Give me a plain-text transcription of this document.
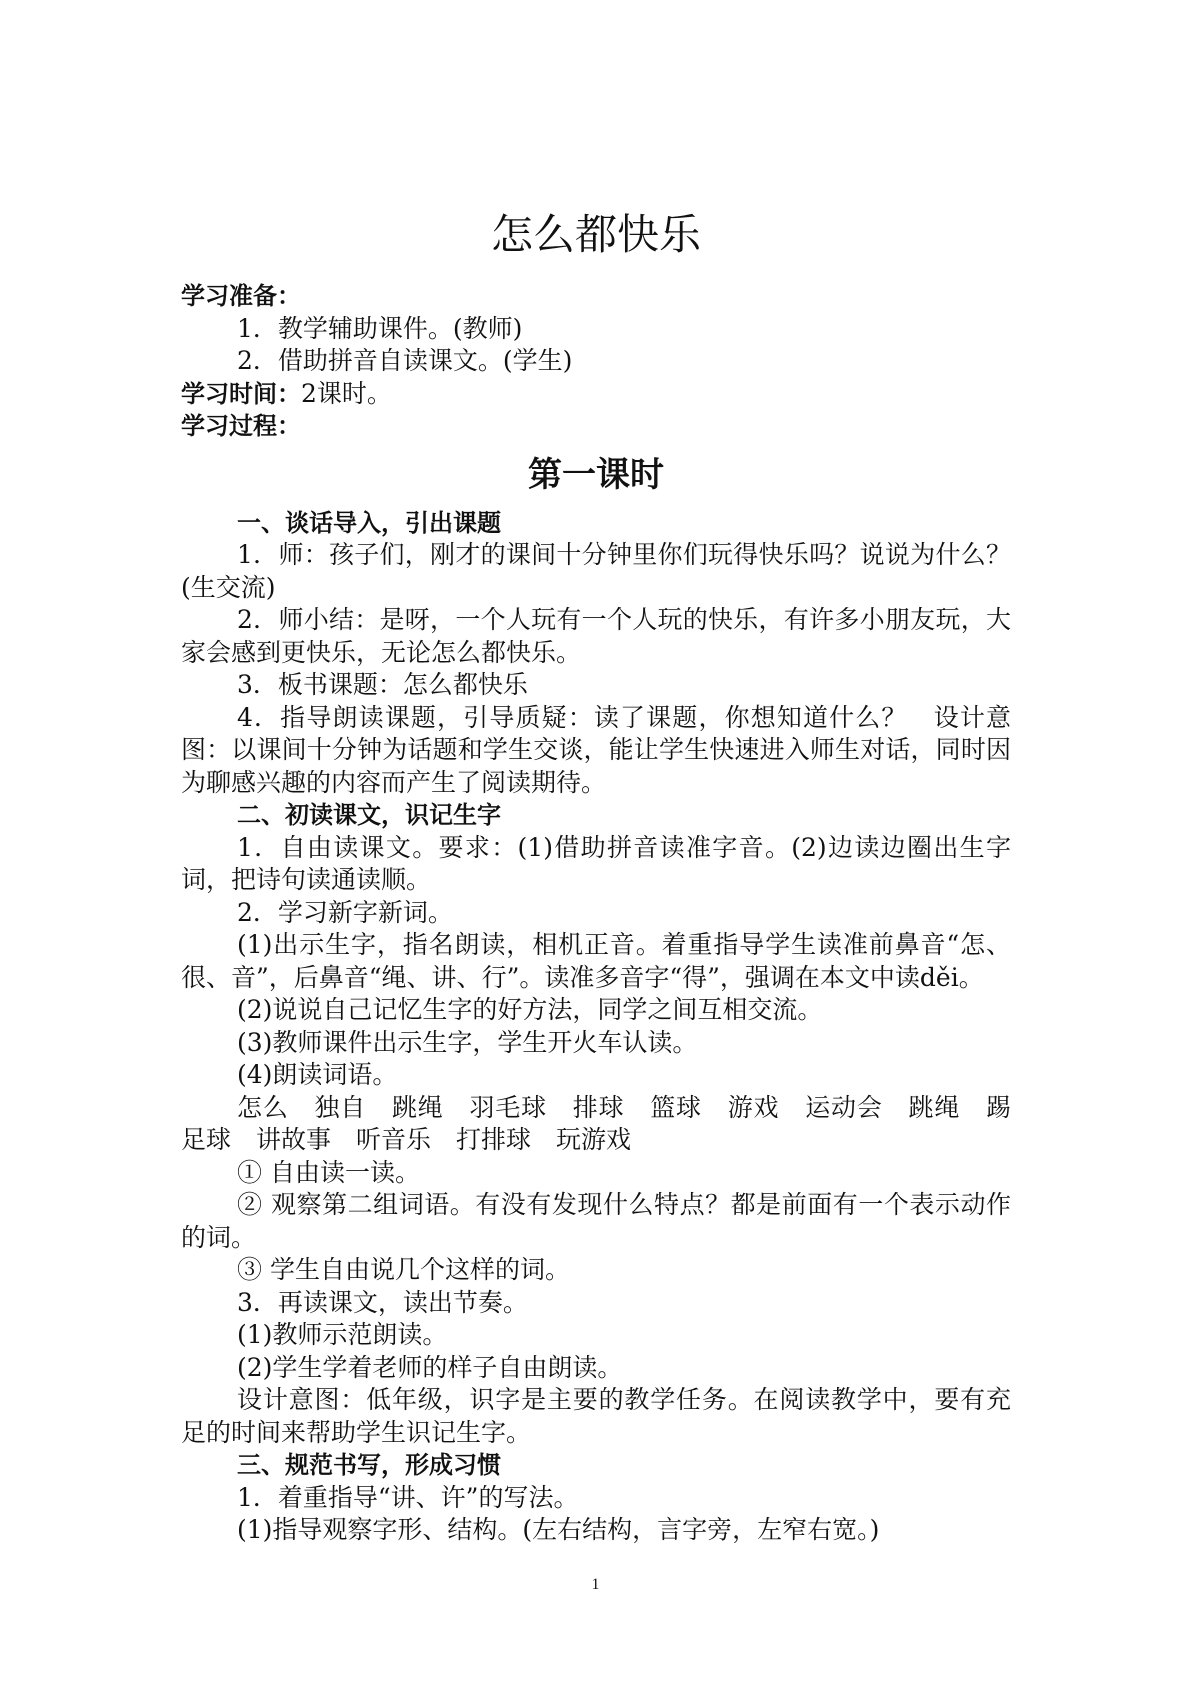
怎么都快乐
学习准备：
1．教学辅助课件。(教师)
2．借助拼音自读课文。(学生)
学习时间：2课时。
学习过程：
第一课时
一、谈话导入，引出课题
1．师：孩子们，刚才的课间十分钟里你们玩得快乐吗？说说为什么？(生交流)
2．师小结：是呀，一个人玩有一个人玩的快乐，有许多小朋友玩，大家会感到更快乐，无论怎么都快乐。
3．板书课题：怎么都快乐
4．指导朗读课题，引导质疑：读了课题，你想知道什么？　设计意图：以课间十分钟为话题和学生交谈，能让学生快速进入师生对话，同时因为聊感兴趣的内容而产生了阅读期待。
二、初读课文，识记生字
1．自由读课文。要求：(1)借助拼音读准字音。(2)边读边圈出生字词，把诗句读通读顺。
2．学习新字新词。
(1)出示生字，指名朗读，相机正音。着重指导学生读准前鼻音“怎、很、音”，后鼻音“绳、讲、行”。读准多音字“得”，强调在本文中读děi。
(2)说说自己记忆生字的好方法，同学之间互相交流。
(3)教师课件出示生字，学生开火车认读。
(4)朗读词语。
怎么　独自　跳绳　羽毛球　排球　篮球　游戏　运动会　跳绳　踢足球　讲故事　听音乐　打排球　玩游戏
① 自由读一读。
② 观察第二组词语。有没有发现什么特点？都是前面有一个表示动作的词。
③ 学生自由说几个这样的词。
3．再读课文，读出节奏。
(1)教师示范朗读。
(2)学生学着老师的样子自由朗读。
设计意图：低年级，识字是主要的教学任务。在阅读教学中，要有充足的时间来帮助学生识记生字。
三、规范书写，形成习惯
1．着重指导“讲、许”的写法。
(1)指导观察字形、结构。(左右结构，言字旁，左窄右宽。)
1
